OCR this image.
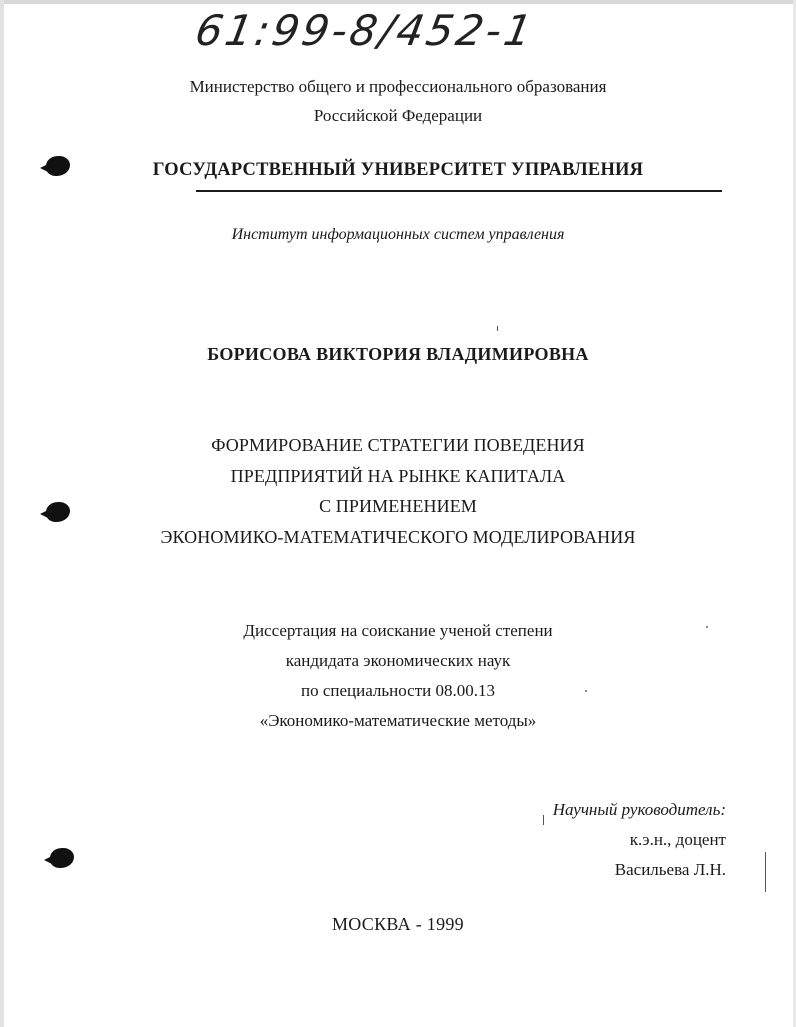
61:99-8/452-1
Министерство общего и профессионального образования
Российской Федерации
ГОСУДАРСТВЕННЫЙ УНИВЕРСИТЕТ УПРАВЛЕНИЯ
Институт информационных систем управления
БОРИСОВА ВИКТОРИЯ ВЛАДИМИРОВНА
ФОРМИРОВАНИЕ СТРАТЕГИИ ПОВЕДЕНИЯ
ПРЕДПРИЯТИЙ НА РЫНКЕ КАПИТАЛА
С ПРИМЕНЕНИЕМ
ЭКОНОМИКО-МАТЕМАТИЧЕСКОГО МОДЕЛИРОВАНИЯ
Диссертация на соискание ученой степени
кандидата экономических наук
по специальности 08.00.13
«Экономико-математические методы»
Научный руководитель:
к.э.н., доцент
Васильева Л.Н.
МОСКВА - 1999
